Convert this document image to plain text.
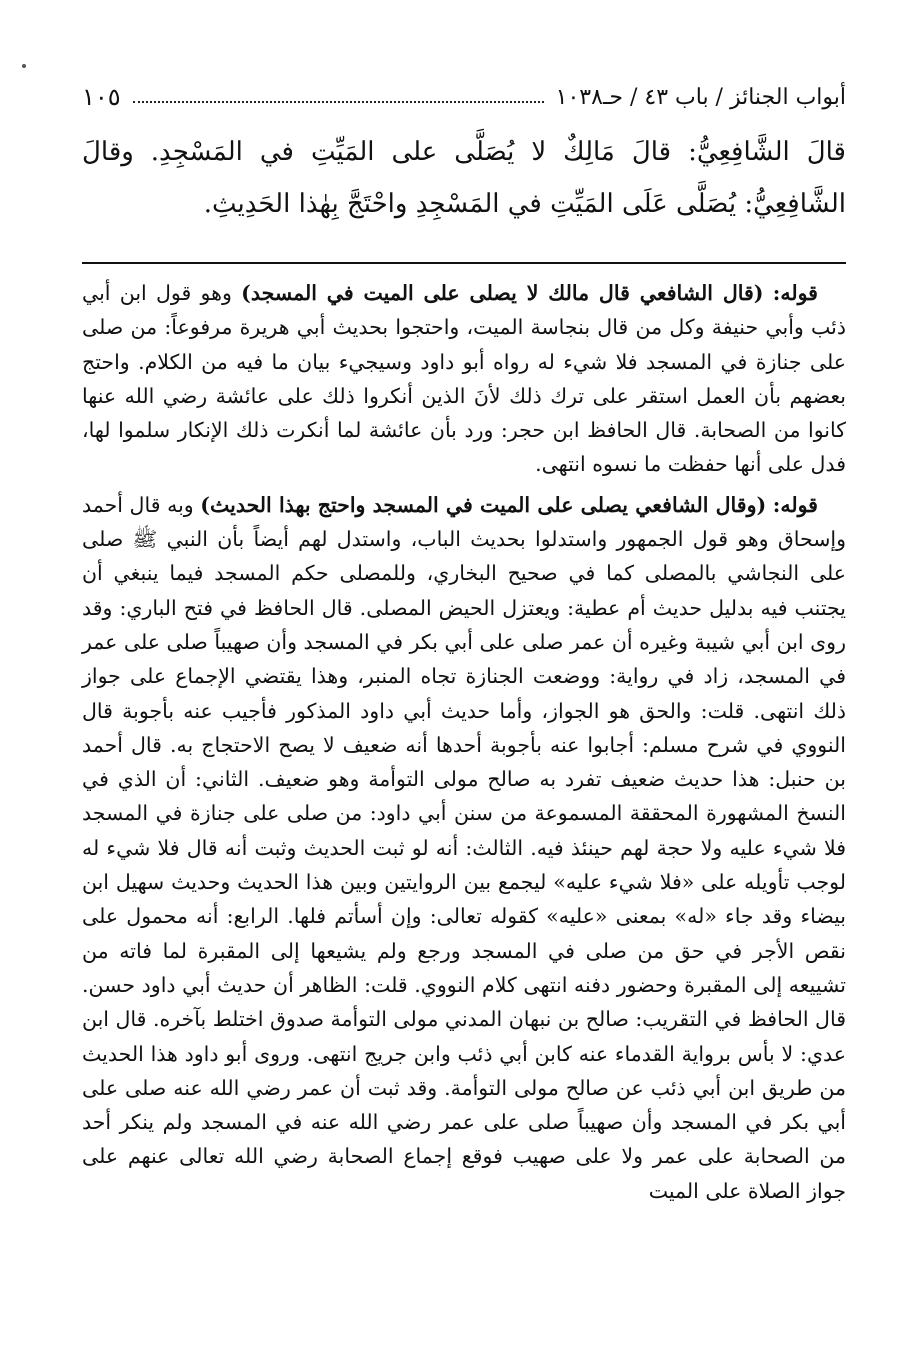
أبواب الجنائز / باب ٤٣ / حـ١٠٣٨
١٠٥
قالَ الشَّافِعِيُّ: قالَ مَالِكٌ لا يُصَلَّى على المَيِّتِ في المَسْجِدِ. وقالَ الشَّافِعِيُّ: يُصَلَّى عَلَى المَيِّتِ في المَسْجِدِ واحْتَجَّ بِهٰذا الحَدِيثِ.

قوله: (قال الشافعي قال مالك لا يصلى على الميت في المسجد) وهو قول ابن أبي ذئب وأبي حنيفة وكل من قال بنجاسة الميت، واحتجوا بحديث أبي هريرة مرفوعاً: من صلى على جنازة في المسجد فلا شيء له رواه أبو داود وسيجيء بيان ما فيه من الكلام. واحتج بعضهم بأن العمل استقر على ترك ذلك لأنَ الذين أنكروا ذلك على عائشة رضي الله عنها كانوا من الصحابة. قال الحافظ ابن حجر: ورد بأن عائشة لما أنكرت ذلك الإنكار سلموا لها، فدل على أنها حفظت ما نسوه انتهى.

قوله: (وقال الشافعي يصلى على الميت في المسجد واحتج بهذا الحديث) وبه قال أحمد وإسحاق وهو قول الجمهور واستدلوا بحديث الباب، واستدل لهم أيضاً بأن النبي ﷺ صلى على النجاشي بالمصلى كما في صحيح البخاري، وللمصلى حكم المسجد فيما ينبغي أن يجتنب فيه بدليل حديث أم عطية: ويعتزل الحيض المصلى. قال الحافظ في فتح الباري: وقد روى ابن أبي شيبة وغيره أن عمر صلى على أبي بكر في المسجد وأن صهيباً صلى على عمر في المسجد، زاد في رواية: ووضعت الجنازة تجاه المنبر، وهذا يقتضي الإجماع على جواز ذلك انتهى. قلت: والحق هو الجواز، وأما حديث أبي داود المذكور فأجيب عنه بأجوبة قال النووي في شرح مسلم: أجابوا عنه بأجوبة أحدها أنه ضعيف لا يصح الاحتجاج به. قال أحمد بن حنبل: هذا حديث ضعيف تفرد به صالح مولى التوأمة وهو ضعيف. الثاني: أن الذي في النسخ المشهورة المحققة المسموعة من سنن أبي داود: من صلى على جنازة في المسجد فلا شيء عليه ولا حجة لهم حينئذ فيه. الثالث: أنه لو ثبت الحديث وثبت أنه قال فلا شيء له لوجب تأويله على «فلا شيء عليه» ليجمع بين الروايتين وبين هذا الحديث وحديث سهيل ابن بيضاء وقد جاء «له» بمعنى «عليه» كقوله تعالى: وإن أسأتم فلها. الرابع: أنه محمول على نقص الأجر في حق من صلى في المسجد ورجع ولم يشيعها إلى المقبرة لما فاته من تشييعه إلى المقبرة وحضور دفنه انتهى كلام النووي. قلت: الظاهر أن حديث أبي داود حسن. قال الحافظ في التقريب: صالح بن نبهان المدني مولى التوأمة صدوق اختلط بآخره. قال ابن عدي: لا بأس برواية القدماء عنه كابن أبي ذئب وابن جريج انتهى. وروى أبو داود هذا الحديث من طريق ابن أبي ذئب عن صالح مولى التوأمة. وقد ثبت أن عمر رضي الله عنه صلى على أبي بكر في المسجد وأن صهيباً صلى على عمر رضي الله عنه في المسجد ولم ينكر أحد من الصحابة على عمر ولا على صهيب فوقع إجماع الصحابة رضي الله تعالى عنهم على جواز الصلاة على الميت
